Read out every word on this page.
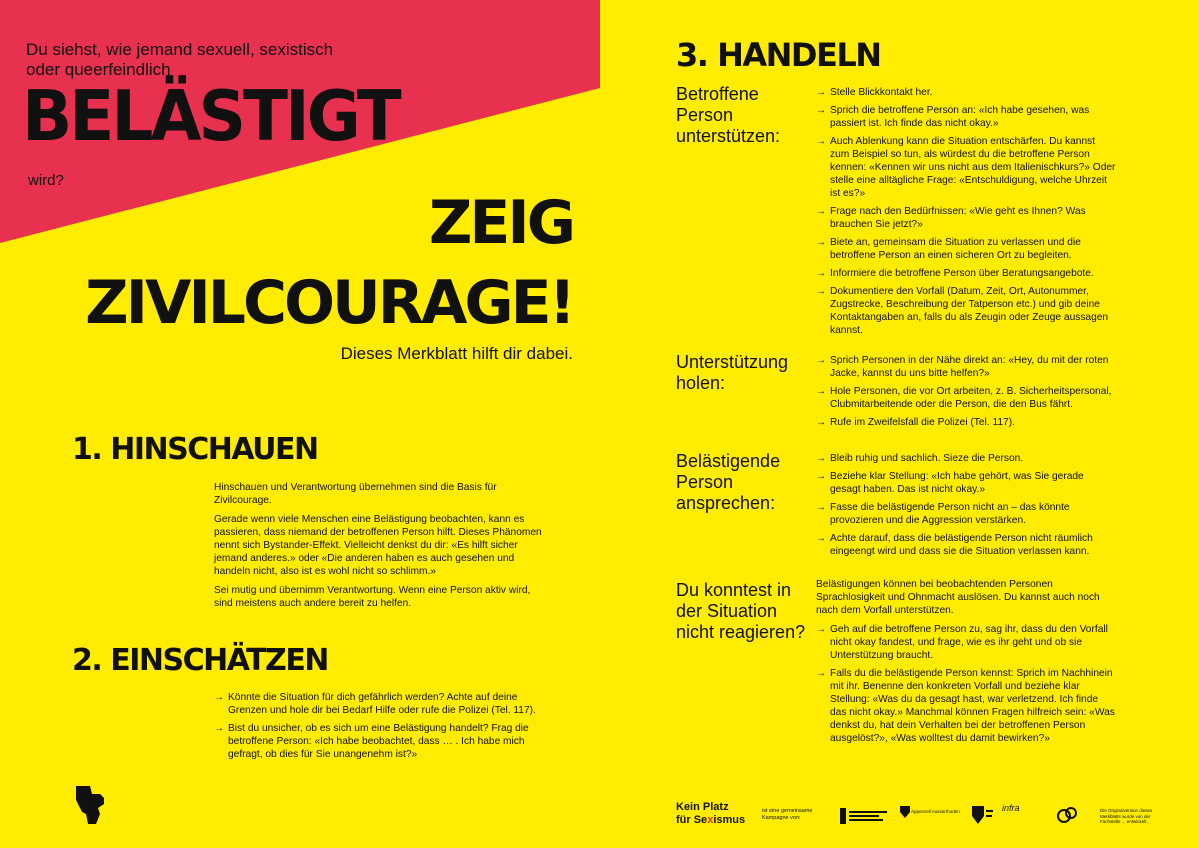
Du siehst, wie jemand sexuell, sexistisch oder queerfeindlich
BELÄSTIGT
wird?
ZEIG
ZIVILCOURAGE!
Dieses Merkblatt hilft dir dabei.
1. HINSCHAUEN

Hinschauen und Verantwortung übernehmen sind die Basis für Zivilcourage.

Gerade wenn viele Menschen eine Belästigung beobachten, kann es passieren, dass niemand der betroffenen Person hilft. Dieses Phänomen nennt sich Bystander-Effekt. Vielleicht denkst du dir: «Es hilft sicher jemand anderes.» oder «Die anderen haben es auch gesehen und handeln nicht, also ist es wohl nicht so schlimm.»

Sei mutig und übernimm Verantwortung. Wenn eine Person aktiv wird, sind meistens auch andere bereit zu helfen.

2. EINSCHÄTZEN
→ Könnte die Situation für dich gefährlich werden? Achte auf deine Grenzen und hole dir bei Bedarf Hilfe oder rufe die Polizei (Tel. 117).
→ Bist du unsicher, ob es sich um eine Belästigung handelt? Frag die betroffene Person: «Ich habe beobachtet, dass … . Ich habe mich gefragt, ob dies für Sie unangenehm ist?»
3. HANDELN
Betroffene Person unterstützen:
→ Stelle Blickkontakt her.
→ Sprich die betroffene Person an: «Ich habe gesehen, was passiert ist. Ich finde das nicht okay.»
→ Auch Ablenkung kann die Situation entschärfen. Du kannst zum Beispiel so tun, als würdest du die betroffene Person kennen: «Kennen wir uns nicht aus dem Italienischkurs?» Oder stelle eine alltägliche Frage: «Entschuldigung, welche Uhrzeit ist es?»
→ Frage nach den Bedürfnissen: «Wie geht es Ihnen? Was brauchen Sie jetzt?»
→ Biete an, gemeinsam die Situation zu verlassen und die betroffene Person an einen sicheren Ort zu begleiten.
→ Informiere die betroffene Person über Beratungsangebote.
→ Dokumentiere den Vorfall (Datum, Zeit, Ort, Autonummer, Zugstrecke, Beschreibung der Tatperson etc.) und gib deine Kontaktangaben an, falls du als Zeugin oder Zeuge aussagen kannst.
Unterstützung holen:
→ Sprich Personen in der Nähe direkt an: «Hey, du mit der roten Jacke, kannst du uns bitte helfen?»
→ Hole Personen, die vor Ort arbeiten, z. B. Sicherheitspersonal, Clubmitarbeitende oder die Person, die den Bus fährt.
→ Rufe im Zweifelsfall die Polizei (Tel. 117).
Belästigende Person ansprechen:
→ Bleib ruhig und sachlich. Sieze die Person.
→ Beziehe klar Stellung: «Ich habe gehört, was Sie gerade gesagt haben. Das ist nicht okay.»
→ Fasse die belästigende Person nicht an – das könnte provozieren und die Aggression verstärken.
→ Achte darauf, dass die belästigende Person nicht räumlich eingeengt wird und dass sie die Situation verlassen kann.
Du konntest in der Situation nicht reagieren?

Belästigungen können bei beobachtenden Personen Sprachlosigkeit und Ohnmacht auslösen. Du kannst auch noch nach dem Vorfall unterstützen.

→ Geh auf die betroffene Person zu, sag ihr, dass du den Vorfall nicht okay fandest, und frage, wie es ihr geht und ob sie Unterstützung braucht.
→ Falls du die belästigende Person kennst: Sprich im Nachhinein mit ihr. Benenne den konkreten Vorfall und beziehe klar Stellung: «Was du da gesagt hast, war verletzend. Ich finde das nicht okay.» Manchmal können Fragen hilfreich sein: «Was denkst du, hat dein Verhalten bei der betroffenen Person ausgelöst?», «Was wolltest du damit bewirken?»
Kein Platz
für Sexismus
ist eine gemeinsame Kampagne von:
Appenzell Ausserrhoden	infra	Die Originalversion dieses Merkblatts wurde von der Fachstelle ... entwickelt.
